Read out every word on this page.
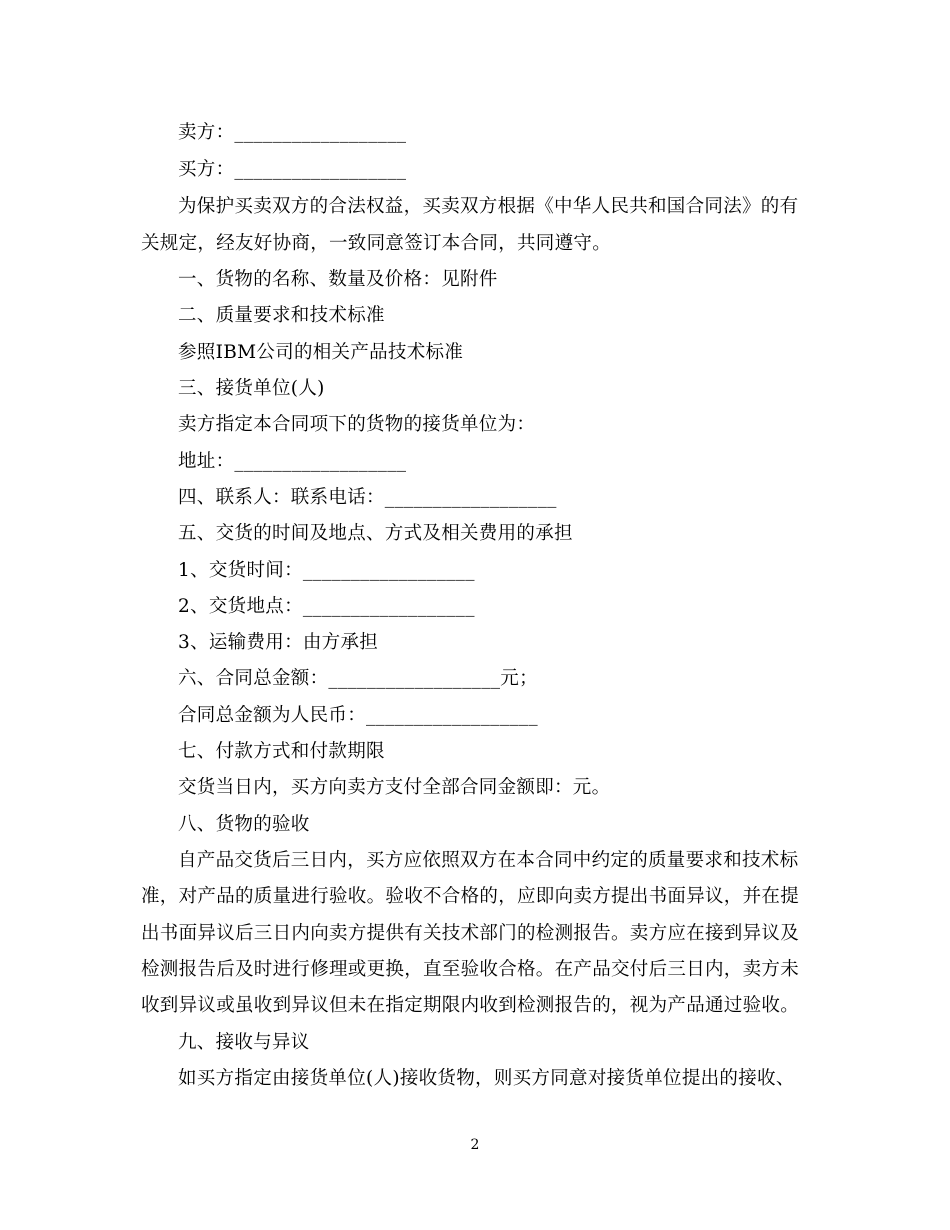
卖方：__________________
买方：__________________
为保护买卖双方的合法权益，买卖双方根据《中华人民共和国合同法》的有
关规定，经友好协商，一致同意签订本合同，共同遵守。
一、货物的名称、数量及价格：见附件
二、质量要求和技术标准
参照IBM公司的相关产品技术标准
三、接货单位(人)
卖方指定本合同项下的货物的接货单位为：
地址：__________________
四、联系人：联系电话：__________________
五、交货的时间及地点、方式及相关费用的承担
1、交货时间：__________________
2、交货地点：__________________
3、运输费用：由方承担
六、合同总金额：__________________元；
合同总金额为人民币：__________________
七、付款方式和付款期限
交货当日内，买方向卖方支付全部合同金额即：元。
八、货物的验收
自产品交货后三日内，买方应依照双方在本合同中约定的质量要求和技术标
准，对产品的质量进行验收。验收不合格的，应即向卖方提出书面异议，并在提
出书面异议后三日内向卖方提供有关技术部门的检测报告。卖方应在接到异议及
检测报告后及时进行修理或更换，直至验收合格。在产品交付后三日内，卖方未
收到异议或虽收到异议但未在指定期限内收到检测报告的，视为产品通过验收。
九、接收与异议
如买方指定由接货单位(人)接收货物，则买方同意对接货单位提出的接收、
2
